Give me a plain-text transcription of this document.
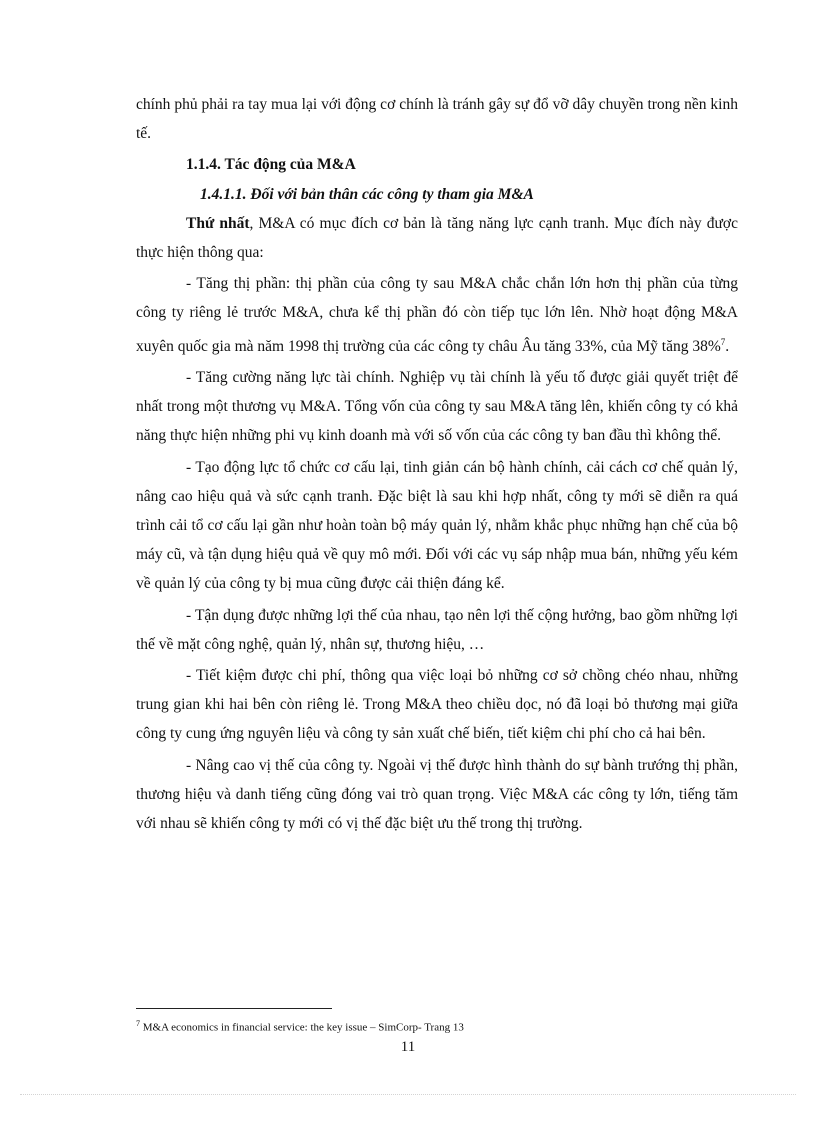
chính phủ phải ra tay mua lại với động cơ chính là tránh gây sự đổ vỡ dây chuyền trong nền kinh tế.

1.1.4. Tác động của M&A

1.4.1.1. Đối với bản thân các công ty tham gia M&A

Thứ nhất, M&A có mục đích cơ bản là tăng năng lực cạnh tranh. Mục đích này được thực hiện thông qua:

- Tăng thị phần: thị phần của công ty sau M&A chắc chắn lớn hơn thị phần của từng công ty riêng lẻ trước M&A, chưa kể thị phần đó còn tiếp tục lớn lên. Nhờ hoạt động M&A xuyên quốc gia mà năm 1998 thị trường của các công ty châu Âu tăng 33%, của Mỹ tăng 38%$^7$.

- Tăng cường năng lực tài chính. Nghiệp vụ tài chính là yếu tố được giải quyết triệt để nhất trong một thương vụ M&A. Tổng vốn của công ty sau M&A tăng lên, khiến công ty có khả năng thực hiện những phi vụ kinh doanh mà với số vốn của các công ty ban đầu thì không thể.

- Tạo động lực tổ chức cơ cấu lại, tinh giản cán bộ hành chính, cải cách cơ chế quản lý, nâng cao hiệu quả và sức cạnh tranh. Đặc biệt là sau khi hợp nhất, công ty mới sẽ diễn ra quá trình cải tổ cơ cấu lại gần như hoàn toàn bộ máy quản lý, nhằm khắc phục những hạn chế của bộ máy cũ, và tận dụng hiệu quả về quy mô mới. Đối với các vụ sáp nhập mua bán, những yếu kém về quản lý của công ty bị mua cũng được cải thiện đáng kể.

- Tận dụng được những lợi thế của nhau, tạo nên lợi thế cộng hưởng, bao gồm những lợi thế về mặt công nghệ, quản lý, nhân sự, thương hiệu, …

- Tiết kiệm được chi phí, thông qua việc loại bỏ những cơ sở chồng chéo nhau, những trung gian khi hai bên còn riêng lẻ. Trong M&A theo chiều dọc, nó đã loại bỏ thương mại giữa công ty cung ứng nguyên liệu và công ty sản xuất chế biến, tiết kiệm chi phí cho cả hai bên.

- Nâng cao vị thế của công ty. Ngoài vị thế được hình thành do sự bành trướng thị phần, thương hiệu và danh tiếng cũng đóng vai trò quan trọng. Việc M&A các công ty lớn, tiếng tăm với nhau sẽ khiến công ty mới có vị thế đặc biệt ưu thế trong thị trường.

$^7$ M&A economics in financial service: the key issue – SimCorp- Trang 13
11
